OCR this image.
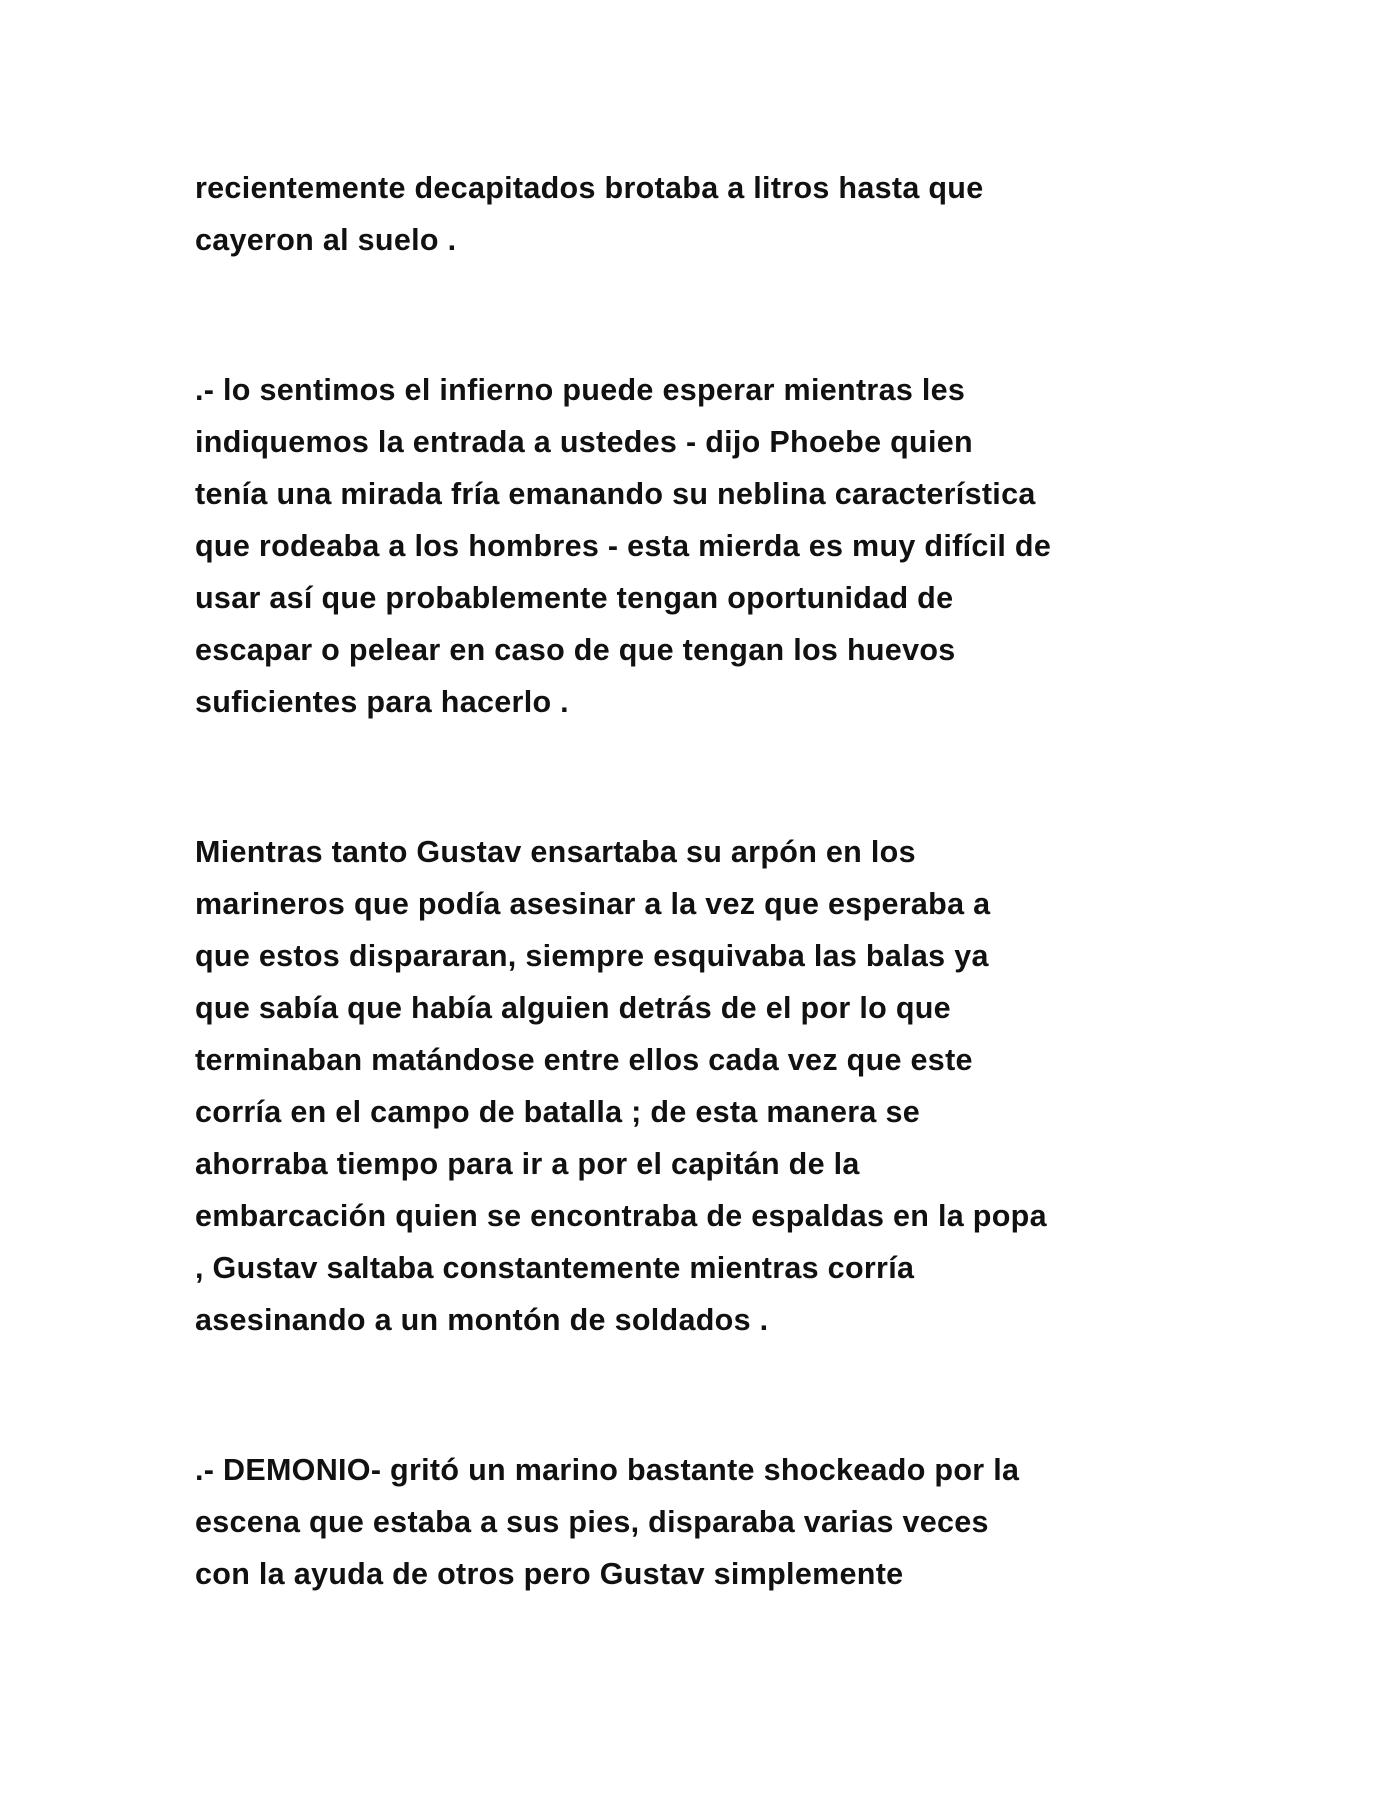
recientemente decapitados brotaba a litros hasta que
cayeron al suelo .

.- lo sentimos el infierno puede esperar mientras les
indiquemos la entrada a ustedes - dijo Phoebe quien
tenía una mirada fría emanando su neblina característica
que rodeaba a los hombres - esta mierda es muy difícil de
usar así que probablemente tengan oportunidad de
escapar o pelear en caso de que tengan los huevos
suficientes para hacerlo .

Mientras tanto Gustav ensartaba su arpón en los
marineros que podía asesinar a la vez que esperaba a
que estos dispararan, siempre esquivaba las balas ya
que sabía que había alguien detrás de el por lo que
terminaban matándose entre ellos cada vez que este
corría en el campo de batalla ; de esta manera se
ahorraba tiempo para ir a por el capitán de la
embarcación quien se encontraba de espaldas en la popa
, Gustav saltaba constantemente mientras corría
asesinando a un montón de soldados .

.- DEMONIO- gritó un marino bastante shockeado por la
escena que estaba a sus pies, disparaba varias veces
con la ayuda de otros pero Gustav simplemente
